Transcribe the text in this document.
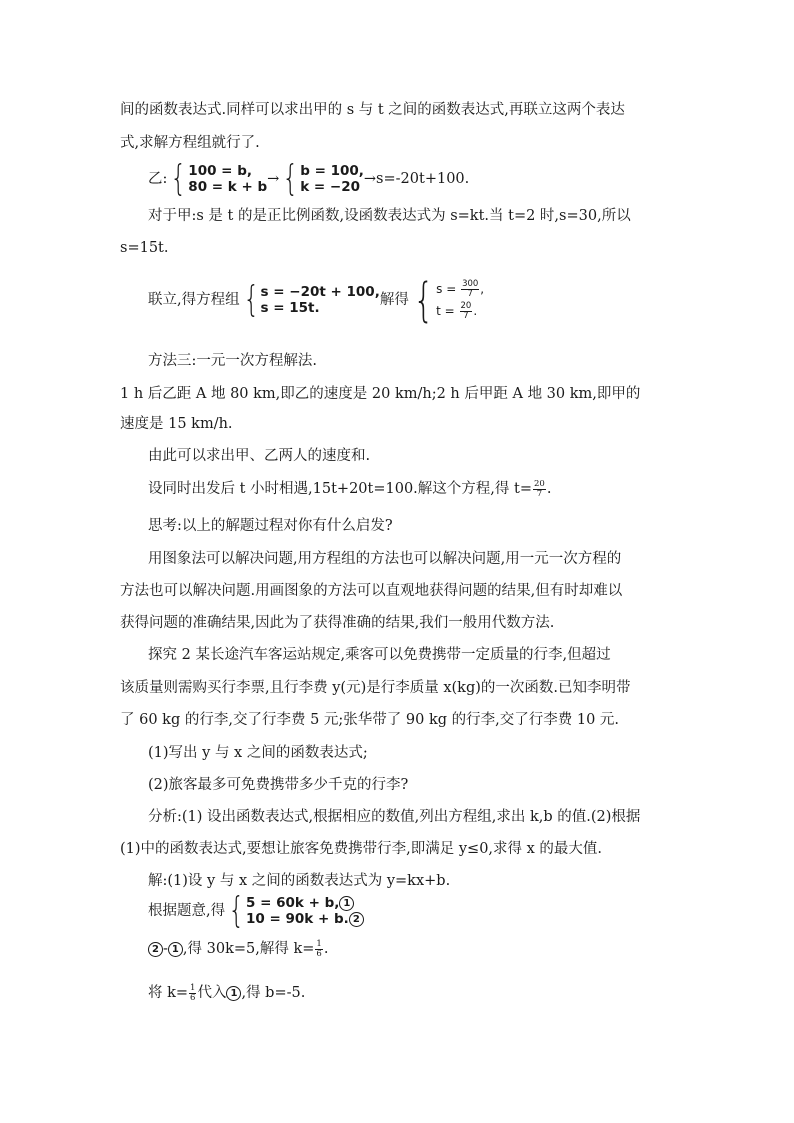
间的函数表达式.同样可以求出甲的 s 与 t 之间的函数表达式,再联立这两个表达
式,求解方程组就行了.
乙: { 100 = b,
80 = k + b → { b = 100,
k = −20 →s=-20t+100.
对于甲:s 是 t 的是正比例函数,设函数表达式为 s=kt.当 t=2 时,s=30,所以
s=15t.
联立,得方程组 { s = −20t + 100,
s = 15t.	解得 { $s = \frac{300}{7}$ ,
$t = \frac{20}{7}$ .
方法三:一元一次方程解法.
1 h 后乙距 A 地 80 km,即乙的速度是 20 km/h;2 h 后甲距 A 地 30 km,即甲的
速度是 15 km/h.
由此可以求出甲、乙两人的速度和.
设同时出发后 t 小时相遇,15t+20t=100.解这个方程,得 $t= \frac{20}{7}$ .
思考:以上的解题过程对你有什么启发?
用图象法可以解决问题,用方程组的方法也可以解决问题,用一元一次方程的
方法也可以解决问题.用画图象的方法可以直观地获得问题的结果,但有时却难以
获得问题的准确结果,因此为了获得准确的结果,我们一般用代数方法.
探究 2 某长途汽车客运站规定,乘客可以免费携带一定质量的行李,但超过
该质量则需购买行李票,且行李费 y(元)是行李质量 x(kg)的一次函数.已知李明带
了 60 kg 的行李,交了行李费 5 元;张华带了 90 kg 的行李,交了行李费 10 元.
(1)写出 y 与 x 之间的函数表达式;
(2)旅客最多可免费携带多少千克的行李?
分析:(1) 设出函数表达式,根据相应的数值,列出方程组,求出 k,b 的值.(2)根据
(1)中的函数表达式,要想让旅客免费携带行李,即满足 y≤0,求得 x 的最大值.
解:(1)设 y 与 x 之间的函数表达式为 y=kx+b.
根据题意,得 { 5 = 60k + b, 1
10 = 90k + b. 2
2 - 1 ,得 30k=5,解得 $k= \frac{1}{6}$ .
将 $k= \frac{1}{6}$ 代入 1 ,得 b=-5.
